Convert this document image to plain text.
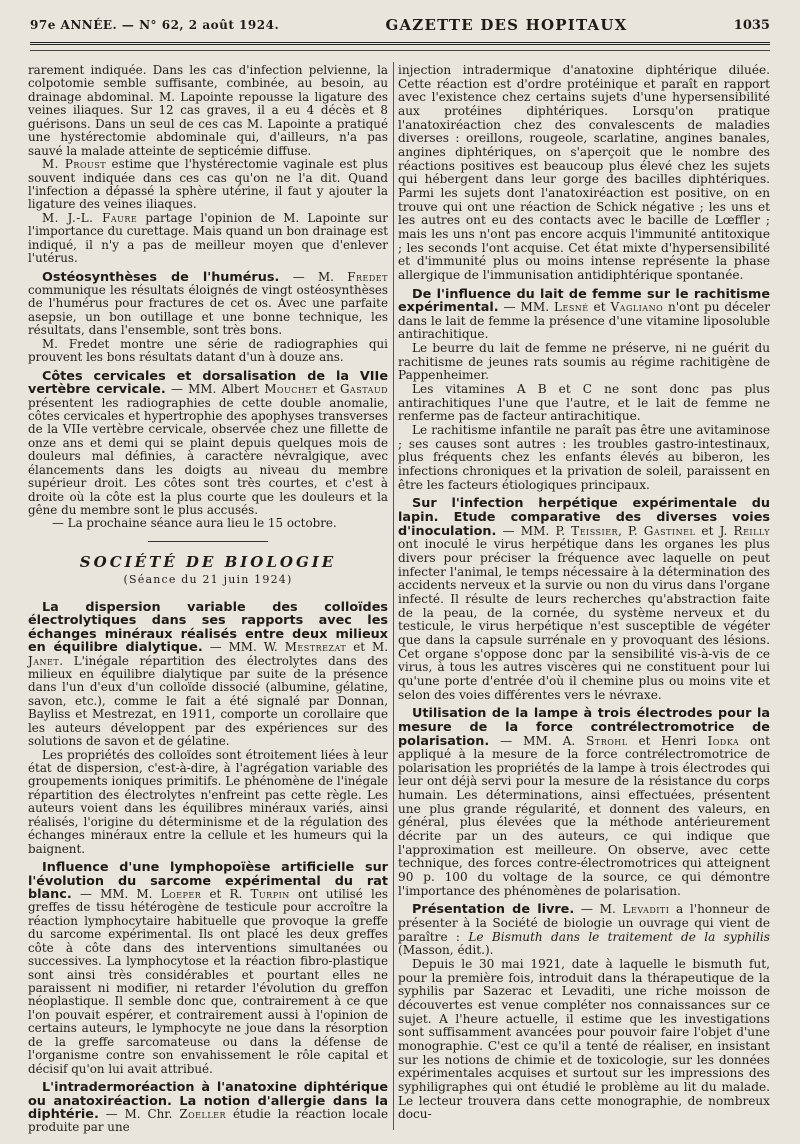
97e ANNÉE. — N° 62, 2 août 1924.	GAZETTE DES HOPITAUX	1035

rarement indiquée. Dans les cas d'infection pelvienne, la colpotomie semble suffisante, combinée, au besoin, au drainage abdominal. M. Lapointe repousse la ligature des veines iliaques. Sur 12 cas graves, il a eu 4 décès et 8 guérisons. Dans un seul de ces cas M. Lapointe a pratiqué une hystérectomie abdominale qui, d'ailleurs, n'a pas sauvé la malade atteinte de septicémie diffuse.

M. Proust estime que l'hystérectomie vaginale est plus souvent indiquée dans ces cas qu'on ne l'a dit. Quand l'infection a dépassé la sphère utérine, il faut y ajouter la ligature des veines iliaques.

M. J.-L. Faure partage l'opinion de M. Lapointe sur l'importance du curettage. Mais quand un bon drainage est indiqué, il n'y a pas de meilleur moyen que d'enlever l'utérus.

Ostéosynthèses de l'humérus. — M. Fredet communique les résultats éloignés de vingt ostéosynthèses de l'humérus pour fractures de cet os. Avec une parfaite asepsie, un bon outillage et une bonne technique, les résultats, dans l'ensemble, sont très bons.

M. Fredet montre une série de radiographies qui prouvent les bons résultats datant d'un à douze ans.

Côtes cervicales et dorsalisation de la VIIe vertèbre cervicale. — MM. Albert Mouchet et Gastaud présentent les radiographies de cette double anomalie, côtes cervicales et hypertrophie des apophyses transverses de la VIIe vertèbre cervicale, observée chez une fillette de onze ans et demi qui se plaint depuis quelques mois de douleurs mal définies, à caractère névralgique, avec élancements dans les doigts au niveau du membre supérieur droit. Les côtes sont très courtes, et c'est à droite où la côte est la plus courte que les douleurs et la gêne du membre sont le plus accusés.

— La prochaine séance aura lieu le 15 octobre.

SOCIÉTÉ DE BIOLOGIE
(Séance du 21 juin 1924)

La dispersion variable des colloïdes électrolytiques dans ses rapports avec les échanges minéraux réalisés entre deux milieux en équilibre dialytique. — MM. W. Mestrezat et M. Janet. L'inégale répartition des électrolytes dans des milieux en équilibre dialytique par suite de la présence dans l'un d'eux d'un colloïde dissocié (albumine, gélatine, savon, etc.), comme le fait a été signalé par Donnan, Bayliss et Mestrezat, en 1911, comporte un corollaire que les auteurs développent par des expériences sur des solutions de savon et de gélatine.

Les propriétés des colloïdes sont étroitement liées à leur état de dispersion, c'est-à-dire, à l'agrégation variable des groupements ioniques primitifs. Le phénomène de l'inégale répartition des électrolytes n'enfreint pas cette règle. Les auteurs voient dans les équilibres minéraux variés, ainsi réalisés, l'origine du déterminisme et de la régulation des échanges minéraux entre la cellule et les humeurs qui la baignent.

Influence d'une lymphopoïèse artificielle sur l'évolution du sarcome expérimental du rat blanc. — MM. M. Loeper et R. Turpin ont utilisé les greffes de tissu hétérogène de testicule pour accroître la réaction lymphocytaire habituelle que provoque la greffe du sarcome expérimental. Ils ont placé les deux greffes côte à côte dans des interventions simultanées ou successives. La lymphocytose et la réaction fibro-plastique sont ainsi très considérables et pourtant elles ne paraissent ni modifier, ni retarder l'évolution du greffon néoplastique. Il semble donc que, contrairement à ce que l'on pouvait espérer, et contrairement aussi à l'opinion de certains auteurs, le lymphocyte ne joue dans la résorption de la greffe sarcomateuse ou dans la défense de l'organisme contre son envahissement le rôle capital et décisif qu'on lui avait attribué.

L'intradermoréaction à l'anatoxine diphtérique ou anatoxiréaction. La notion d'allergie dans la diphtérie. — M. Chr. Zoeller étudie la réaction locale produite par une

injection intradermique d'anatoxine diphtérique diluée. Cette réaction est d'ordre protéinique et paraît en rapport avec l'existence chez certains sujets d'une hypersensibilité aux protéines diphtériques. Lorsqu'on pratique l'anatoxiréaction chez des convalescents de maladies diverses : oreillons, rougeole, scarlatine, angines banales, angines diphtériques, on s'aperçoit que le nombre des réactions positives est beaucoup plus élevé chez les sujets qui hébergent dans leur gorge des bacilles diphtériques. Parmi les sujets dont l'anatoxiréaction est positive, on en trouve qui ont une réaction de Schick négative ; les uns et les autres ont eu des contacts avec le bacille de Lœffler ; mais les uns n'ont pas encore acquis l'immunité antitoxique ; les seconds l'ont acquise. Cet état mixte d'hypersensibilité et d'immunité plus ou moins intense représente la phase allergique de l'immunisation antidiphtérique spontanée.

De l'influence du lait de femme sur le rachitisme expérimental. — MM. Lesné et Vagliano n'ont pu déceler dans le lait de femme la présence d'une vitamine liposoluble antirachitique.

Le beurre du lait de femme ne préserve, ni ne guérit du rachitisme de jeunes rats soumis au régime rachitigène de Pappenheimer.

Les vitamines A B et C ne sont donc pas plus antirachitiques l'une que l'autre, et le lait de femme ne renferme pas de facteur antirachitique.

Le rachitisme infantile ne paraît pas être une avitaminose ; ses causes sont autres : les troubles gastro-intestinaux, plus fréquents chez les enfants élevés au biberon, les infections chroniques et la privation de soleil, paraissent en être les facteurs étiologiques principaux.

Sur l'infection herpétique expérimentale du lapin. Etude comparative des diverses voies d'inoculation. — MM. P. Teissier, P. Gastinel et J. Reilly ont inoculé le virus herpétique dans les organes les plus divers pour préciser la fréquence avec laquelle on peut infecter l'animal, le temps nécessaire à la détermination des accidents nerveux et la survie ou non du virus dans l'organe infecté. Il résulte de leurs recherches qu'abstraction faite de la peau, de la cornée, du système nerveux et du testicule, le virus herpétique n'est susceptible de végéter que dans la capsule surrénale en y provoquant des lésions. Cet organe s'oppose donc par la sensibilité vis-à-vis de ce virus, à tous les autres viscères qui ne constituent pour lui qu'une porte d'entrée d'où il chemine plus ou moins vite et selon des voies différentes vers le névraxe.

Utilisation de la lampe à trois électrodes pour la mesure de la force contrélectromotrice de polarisation. — MM. A. Strohl et Henri Iodka ont appliqué à la mesure de la force contrélectromotrice de polarisation les propriétés de la lampe à trois électrodes qui leur ont déjà servi pour la mesure de la résistance du corps humain. Les déterminations, ainsi effectuées, présentent une plus grande régularité, et donnent des valeurs, en général, plus élevées que la méthode antérieurement décrite par un des auteurs, ce qui indique que l'approximation est meilleure. On observe, avec cette technique, des forces contre-électromotrices qui atteignent 90 p. 100 du voltage de la source, ce qui démontre l'importance des phénomènes de polarisation.

Présentation de livre. — M. Levaditi a l'honneur de présenter à la Société de biologie un ouvrage qui vient de paraître : Le Bismuth dans le traitement de la syphilis (Masson, édit.).

Depuis le 30 mai 1921, date à laquelle le bismuth fut, pour la première fois, introduit dans la thérapeutique de la syphilis par Sazerac et Levaditi, une riche moisson de découvertes est venue compléter nos connaissances sur ce sujet. A l'heure actuelle, il estime que les investigations sont suffisamment avancées pour pouvoir faire l'objet d'une monographie. C'est ce qu'il a tenté de réaliser, en insistant sur les notions de chimie et de toxicologie, sur les données expérimentales acquises et surtout sur les impressions des syphiligraphes qui ont étudié le problème au lit du malade. Le lecteur trouvera dans cette monographie, de nombreux docu-
